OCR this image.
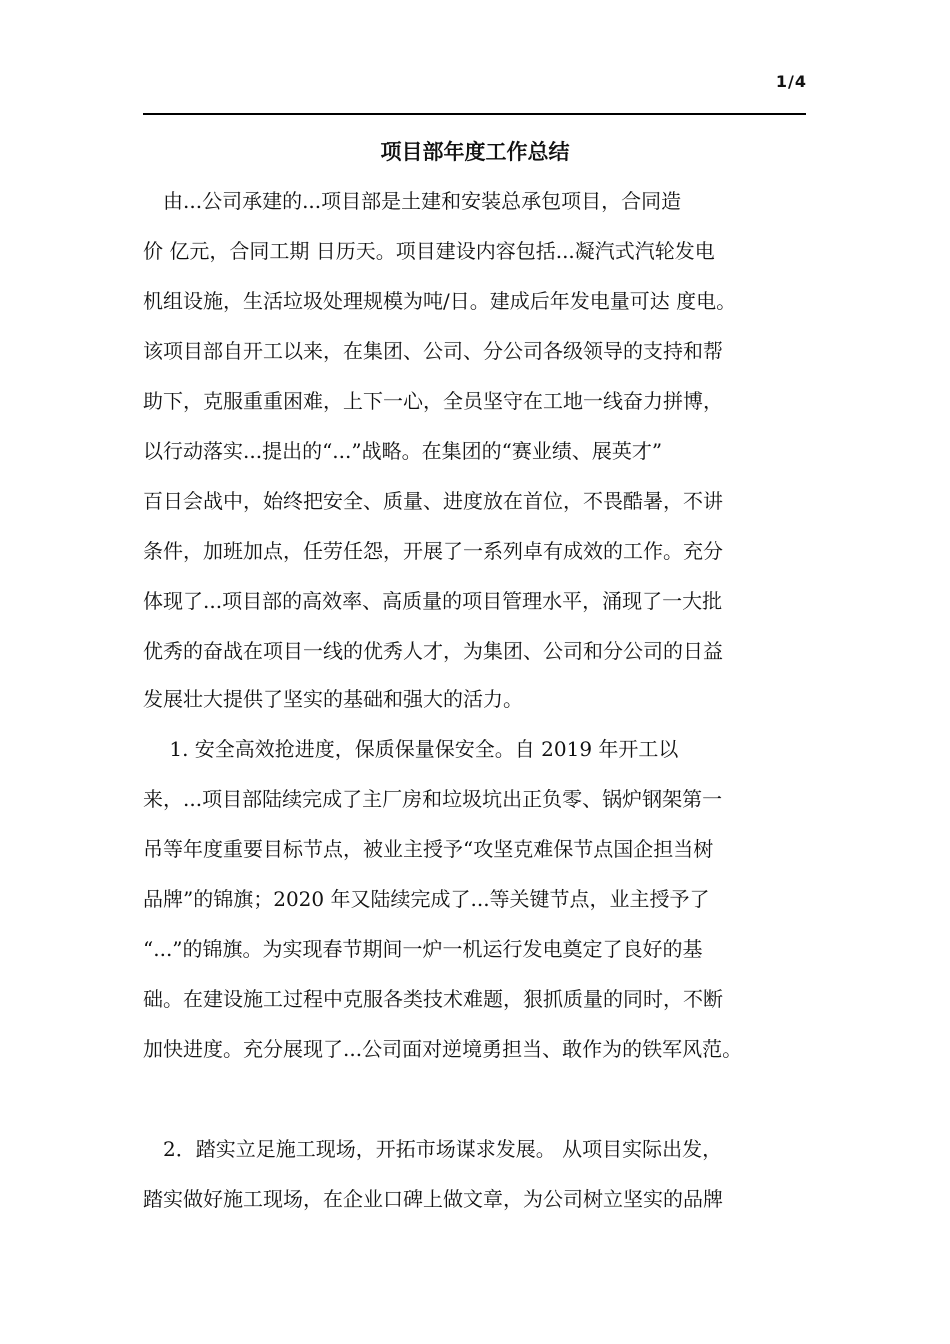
1/4
项目部年度工作总结
　由...公司承建的...项目部是土建和安装总承包项目，合同造
价 亿元，合同工期 日历天。项目建设内容包括...凝汽式汽轮发电
机组设施，生活垃圾处理规模为吨/日。建成后年发电量可达 度电。
该项目部自开工以来，在集团、公司、分公司各级领导的支持和帮
助下，克服重重困难，上下一心，全员坚守在工地一线奋力拼博，
以行动落实...提出的“...”战略。在集团的“赛业绩、展英才”
百日会战中，始终把安全、质量、进度放在首位，不畏酷暑，不讲
条件，加班加点，任劳任怨，开展了一系列卓有成效的工作。充分
体现了...项目部的高效率、高质量的项目管理水平，涌现了一大批
优秀的奋战在项目一线的优秀人才，为集团、公司和分公司的日益
发展壮大提供了坚实的基础和强大的活力。
　 1. 安全高效抢进度，保质保量保安全。自 2019 年开工以
来，...项目部陆续完成了主厂房和垃圾坑出正负零、锅炉钢架第一
吊等年度重要目标节点，被业主授予“攻坚克难保节点国企担当树
品牌”的锦旗；2020 年又陆续完成了...等关键节点，业主授予了
“...”的锦旗。为实现春节期间一炉一机运行发电奠定了良好的基
础。在建设施工过程中克服各类技术难题，狠抓质量的同时，不断
加快进度。充分展现了...公司面对逆境勇担当、敢作为的铁军风范。
　2．踏实立足施工现场，开拓市场谋求发展。 从项目实际出发，
踏实做好施工现场，在企业口碑上做文章，为公司树立坚实的品牌
